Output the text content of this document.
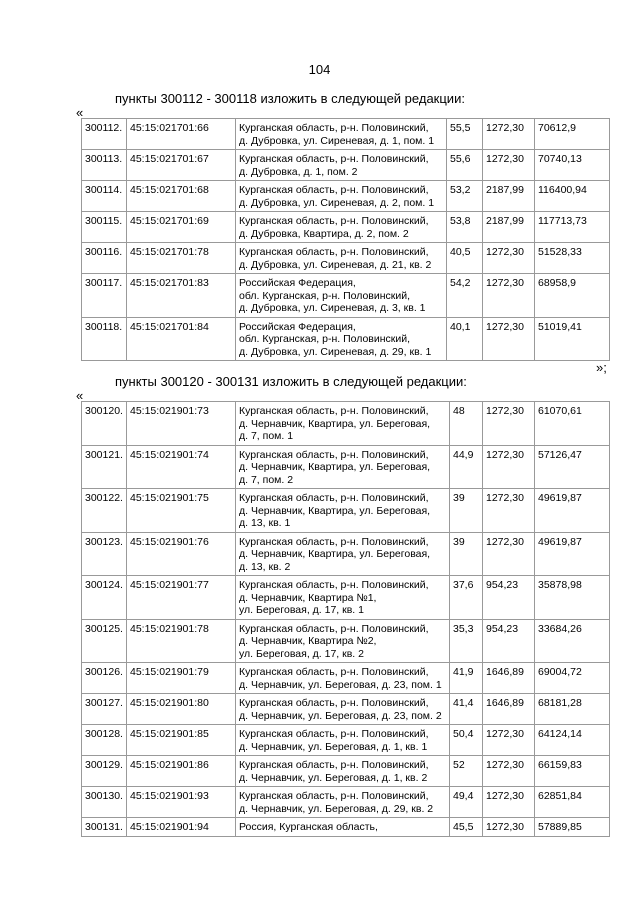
104
пункты 300112 - 300118 изложить в следующей редакции:
«
300112.	45:15:021701:66	Курганская область, р-н. Половинский,
д. Дубровка, ул. Сиреневая, д. 1, пом. 1	55,5	1272,30	70612,9
300113.	45:15:021701:67	Курганская область, р-н. Половинский,
д. Дубровка, д. 1, пом. 2	55,6	1272,30	70740,13
300114.	45:15:021701:68	Курганская область, р-н. Половинский,
д. Дубровка, ул. Сиреневая, д. 2, пом. 1	53,2	2187,99	116400,94
300115.	45:15:021701:69	Курганская область, р-н. Половинский,
д. Дубровка, Квартира, д. 2, пом. 2	53,8	2187,99	117713,73
300116.	45:15:021701:78	Курганская область, р-н. Половинский,
д. Дубровка, ул. Сиреневая, д. 21, кв. 2	40,5	1272,30	51528,33
300117.	45:15:021701:83	Российская Федерация,
обл. Курганская, р-н. Половинский,
д. Дубровка, ул. Сиреневая, д. 3, кв. 1	54,2	1272,30	68958,9
300118.	45:15:021701:84	Российская Федерация,
обл. Курганская, р-н. Половинский,
д. Дубровка, ул. Сиреневая, д. 29, кв. 1	40,1	1272,30	51019,41
»;
пункты 300120 - 300131 изложить в следующей редакции:
«
300120.	45:15:021901:73	Курганская область, р-н. Половинский,
д. Чернавчик, Квартира, ул. Береговая,
д. 7, пом. 1	48	1272,30	61070,61
300121.	45:15:021901:74	Курганская область, р-н. Половинский,
д. Чернавчик, Квартира, ул. Береговая,
д. 7, пом. 2	44,9	1272,30	57126,47
300122.	45:15:021901:75	Курганская область, р-н. Половинский,
д. Чернавчик, Квартира, ул. Береговая,
д. 13, кв. 1	39	1272,30	49619,87
300123.	45:15:021901:76	Курганская область, р-н. Половинский,
д. Чернавчик, Квартира, ул. Береговая,
д. 13, кв. 2	39	1272,30	49619,87
300124.	45:15:021901:77	Курганская область, р-н. Половинский,
д. Чернавчик, Квартира №1,
ул. Береговая, д. 17, кв. 1	37,6	954,23	35878,98
300125.	45:15:021901:78	Курганская область, р-н. Половинский,
д. Чернавчик, Квартира №2,
ул. Береговая, д. 17, кв. 2	35,3	954,23	33684,26
300126.	45:15:021901:79	Курганская область, р-н. Половинский,
д. Чернавчик, ул. Береговая, д. 23, пом. 1	41,9	1646,89	69004,72
300127.	45:15:021901:80	Курганская область, р-н. Половинский,
д. Чернавчик, ул. Береговая, д. 23, пом. 2	41,4	1646,89	68181,28
300128.	45:15:021901:85	Курганская область, р-н. Половинский,
д. Чернавчик, ул. Береговая, д. 1, кв. 1	50,4	1272,30	64124,14
300129.	45:15:021901:86	Курганская область, р-н. Половинский,
д. Чернавчик, ул. Береговая, д. 1, кв. 2	52	1272,30	66159,83
300130.	45:15:021901:93	Курганская область, р-н. Половинский,
д. Чернавчик, ул. Береговая, д. 29, кв. 2	49,4	1272,30	62851,84
300131.	45:15:021901:94	Россия, Курганская область,	45,5	1272,30	57889,85
